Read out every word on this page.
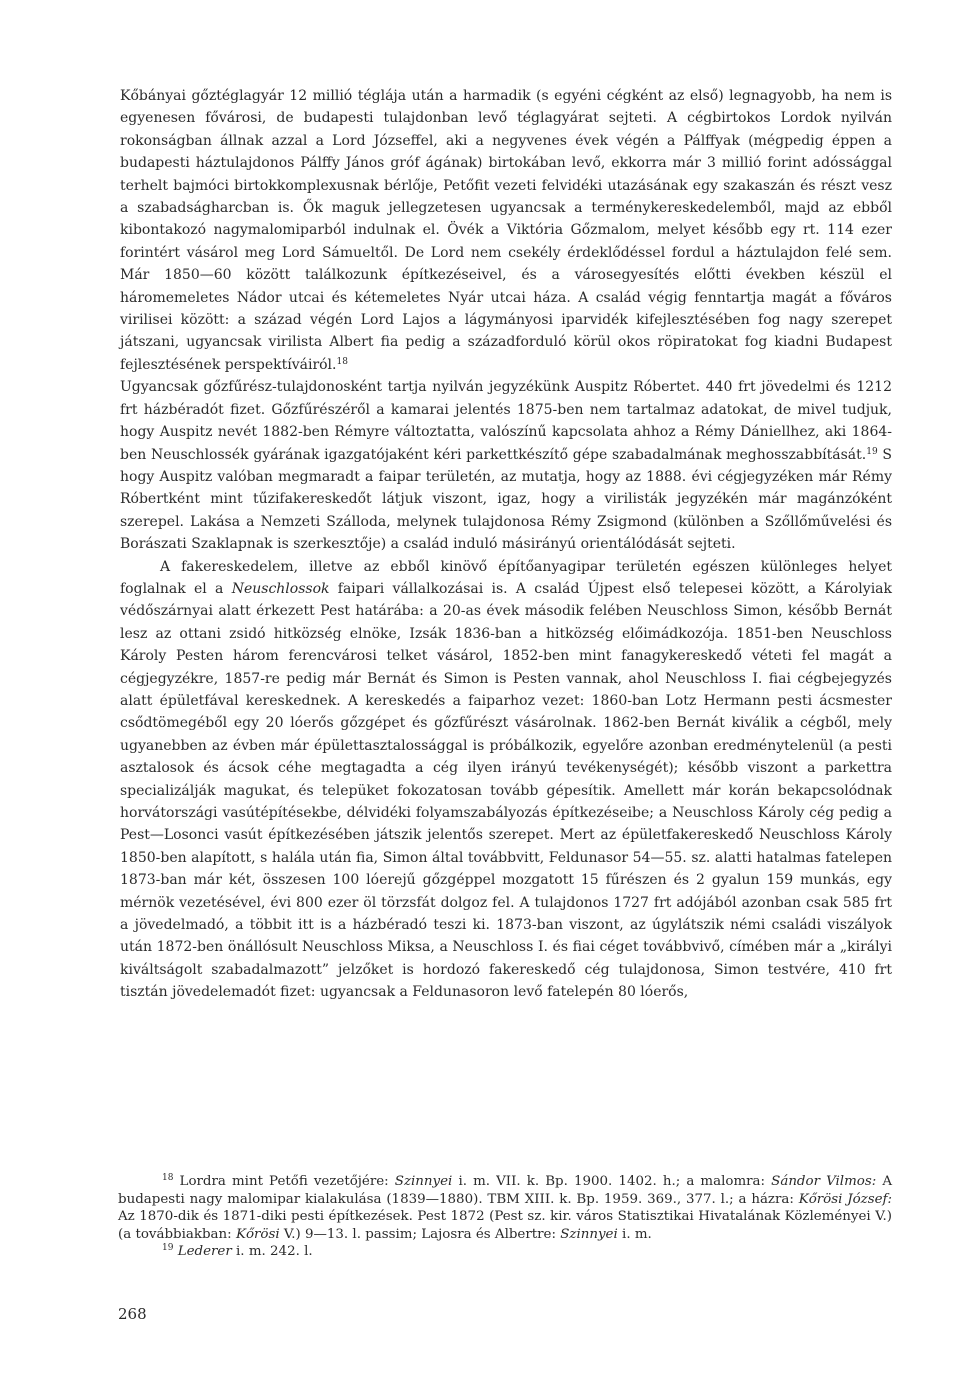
Kőbányai gőztéglagyár 12 millió téglája után a harmadik (s egyéni cégként az első) legnagyobb, ha nem is egyenesen fővárosi, de budapesti tulajdonban levő téglagyárat sejteti. A cégbirtokos Lordok nyilván rokonságban állnak azzal a Lord Józseffel, aki a negyvenes évek végén a Pálffyak (mégpedig éppen a budapesti háztulajdonos Pálffy János gróf ágának) birtokában levő, ekkorra már 3 millió forint adóssággal terhelt bajmóci birtokkomplexusnak bérlője, Petőfit vezeti felvidéki utazásának egy szakaszán és részt vesz a szabadságharcban is. Ők maguk jellegzetesen ugyancsak a terménykereskedelemből, majd az ebből kibontakozó nagymalomiparból indulnak el. Övék a Viktória Gőzmalom, melyet később egy rt. 114 ezer forintért vásárol meg Lord Sámueltől. De Lord nem csekély érdeklődéssel fordul a háztulajdon felé sem. Már 1850—60 között találkozunk építkezéseivel, és a városegyesítés előtti években készül el háromemeletes Nádor utcai és kétemeletes Nyár utcai háza. A család végig fenntartja magát a főváros virilisei között: a század végén Lord Lajos a lágymányosi iparvidék kifejlesztésében fog nagy szerepet játszani, ugyancsak virilista Albert fia pedig a századforduló körül okos röpiratokat fog kiadni Budapest fejlesztésének perspektíváiról.$^{18}$

Ugyancsak gőzfűrész-tulajdonosként tartja nyilván jegyzékünk Auspitz Róbertet. 440 frt jövedelmi és 1212 frt házbéradót fizet. Gőzfűrészéről a kamarai jelentés 1875-ben nem tartalmaz adatokat, de mivel tudjuk, hogy Auspitz nevét 1882-ben Rémyre változtatta, valószínű kapcsolata ahhoz a Rémy Dániellhez, aki 1864-ben Neuschlossék gyárának igazgatójaként kéri parkettkészítő gépe szabadalmának meghosszabbítását.$^{19}$ S hogy Auspitz valóban megmaradt a faipar területén, az mutatja, hogy az 1888. évi cégjegyzéken már Rémy Róbertként mint tűzifakereskedőt látjuk viszont, igaz, hogy a virilisták jegyzékén már magánzóként szerepel. Lakása a Nemzeti Szálloda, melynek tulajdonosa Rémy Zsigmond (különben a Szőllőművelési és Borászati Szaklapnak is szerkesztője) a család induló másirányú orientálódását sejteti.

A fakereskedelem, illetve az ebből kinövő építőanyagipar területén egészen különleges helyet foglalnak el a Neuschlossok faipari vállalkozásai is. A család Újpest első telepesei között, a Károlyiak védőszárnyai alatt érkezett Pest határába: a 20-as évek második felében Neuschloss Simon, később Bernát lesz az ottani zsidó hitközség elnöke, Izsák 1836-ban a hitközség előimádkozója. 1851-ben Neuschloss Károly Pesten három ferencvárosi telket vásárol, 1852-ben mint fanagykereskedő véteti fel magát a cégjegyzékre, 1857-re pedig már Bernát és Simon is Pesten vannak, ahol Neuschloss I. fiai cégbejegyzés alatt épületfával kereskednek. A kereskedés a faiparhoz vezet: 1860-ban Lotz Hermann pesti ácsmester csődtömegéből egy 20 lóerős gőzgépet és gőzfűrészt vásárolnak. 1862-ben Bernát kiválik a cégből, mely ugyanebben az évben már épülettasztalossággal is próbálkozik, egyelőre azonban eredménytelenül (a pesti asztalosok és ácsok céhe megtagadta a cég ilyen irányú tevékenységét); később viszont a parkettra specializálják magukat, és telepüket fokozatosan tovább gépesítik. Amellett már korán bekapcsolódnak horvátországi vasútépítésekbe, délvidéki folyamszabályozás építkezéseibe; a Neuschloss Károly cég pedig a Pest—Losonci vasút építkezésében játszik jelentős szerepet. Mert az épületfakereskedő Neuschloss Károly 1850-ben alapított, s halála után fia, Simon által továbbvitt, Feldunasor 54—55. sz. alatti hatalmas fatelepen 1873-ban már két, összesen 100 lóerejű gőzgéppel mozgatott 15 fűrészen és 2 gyalun 159 munkás, egy mérnök vezetésével, évi 800 ezer öl törzsfát dolgoz fel. A tulajdonos 1727 frt adójából azonban csak 585 frt a jövedelmadó, a többit itt is a házbéradó teszi ki. 1873-ban viszont, az úgylátszik némi családi viszályok után 1872-ben önállósult Neuschloss Miksa, a Neuschloss I. és fiai céget továbbvivő, címében már a „királyi kiváltságolt szabadalmazott” jelzőket is hordozó fakereskedő cég tulajdonosa, Simon testvére, 410 frt tisztán jövedelemadót fizet: ugyancsak a Feldunasoron levő fatelepén 80 lóerős,

$^{18}$ Lordra mint Petőfi vezetőjére: Szinnyei i. m. VII. k. Bp. 1900. 1402. h.; a malomra: Sándor Vilmos: A budapesti nagy malomipar kialakulása (1839—1880). TBM XIII. k. Bp. 1959. 369., 377. l.; a házra: Kőrösi József: Az 1870-dik és 1871-diki pesti építkezések. Pest 1872 (Pest sz. kir. város Statisztikai Hivatalának Közleményei V.) (a továbbiakban: Kőrösi V.) 9—13. l. passim; Lajosra és Albertre: Szinnyei i. m.

$^{19}$ Lederer i. m. 242. l.

268
